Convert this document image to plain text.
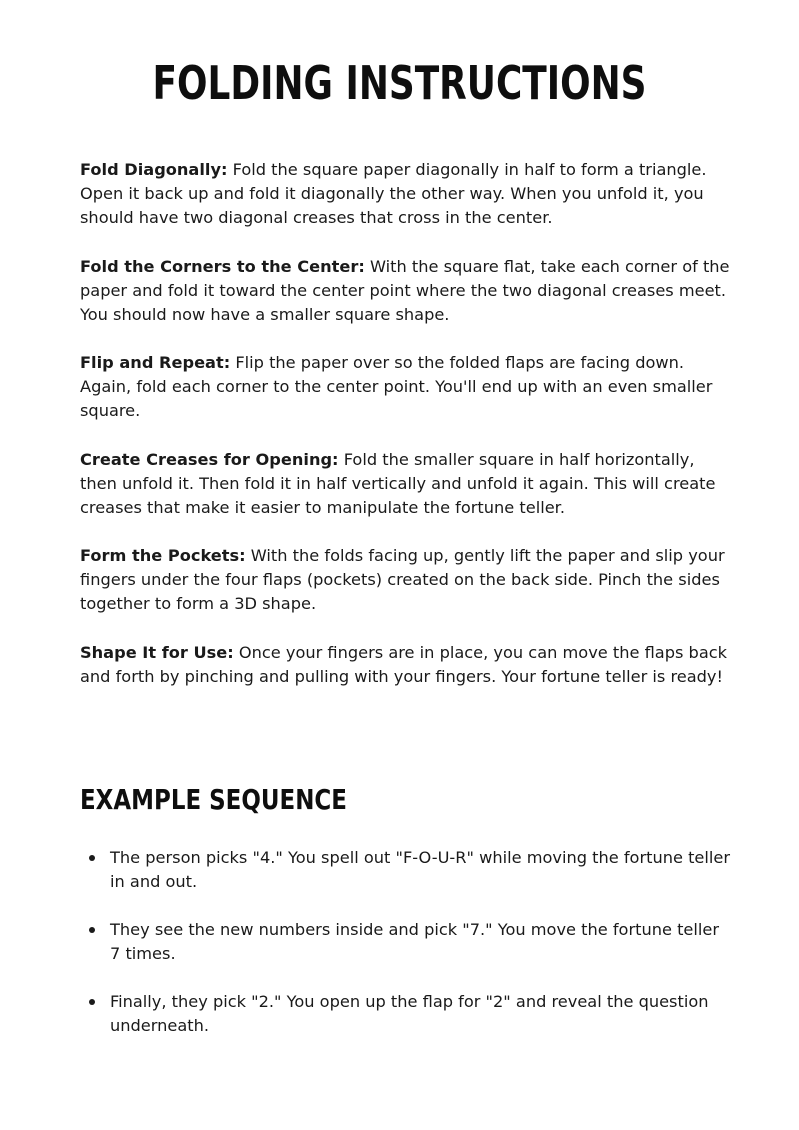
FOLDING INSTRUCTIONS

Fold Diagonally: Fold the square paper diagonally in half to form a triangle. Open it back up and fold it diagonally the other way. When you unfold it, you should have two diagonal creases that cross in the center.

Fold the Corners to the Center: With the square flat, take each corner of the paper and fold it toward the center point where the two diagonal creases meet. You should now have a smaller square shape.

Flip and Repeat: Flip the paper over so the folded flaps are facing down. Again, fold each corner to the center point. You'll end up with an even smaller square.

Create Creases for Opening: Fold the smaller square in half horizontally, then unfold it. Then fold it in half vertically and unfold it again. This will create creases that make it easier to manipulate the fortune teller.

Form the Pockets: With the folds facing up, gently lift the paper and slip your fingers under the four flaps (pockets) created on the back side. Pinch the sides together to form a 3D shape.

Shape It for Use: Once your fingers are in place, you can move the flaps back and forth by pinching and pulling with your fingers. Your fortune teller is ready!

EXAMPLE SEQUENCE
The person picks "4." You spell out "F-O-U-R" while moving the fortune teller in and out.
They see the new numbers inside and pick "7." You move the fortune teller 7 times.
Finally, they pick "2." You open up the flap for "2" and reveal the question underneath.
